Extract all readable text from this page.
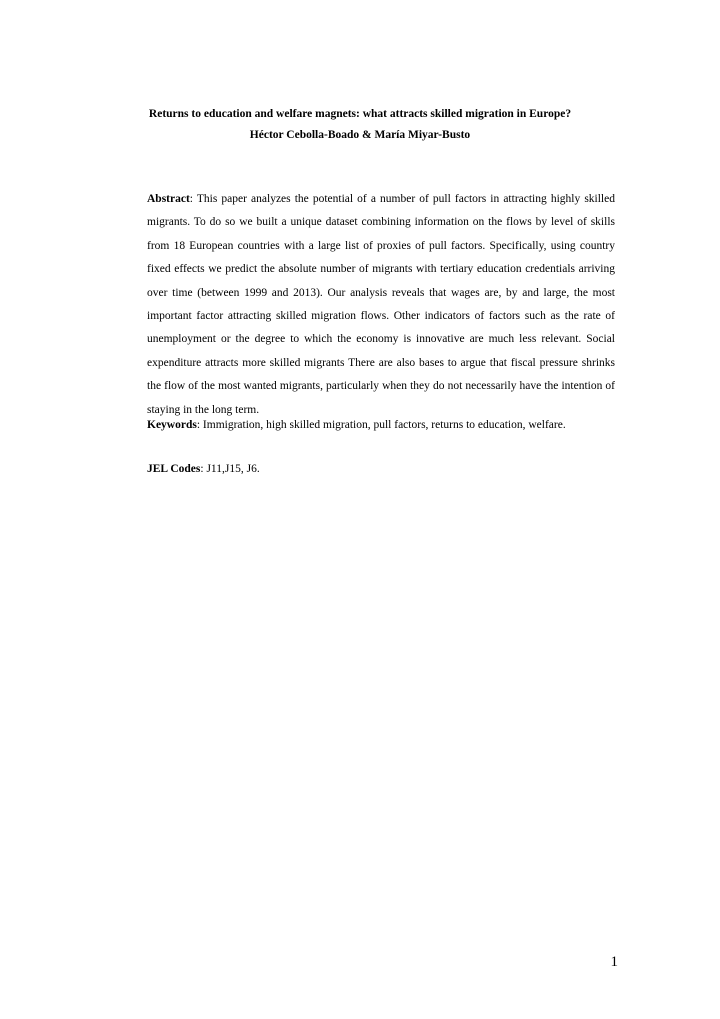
Returns to education and welfare magnets: what attracts skilled migration in Europe?
Héctor Cebolla-Boado & María Miyar-Busto

Abstract: This paper analyzes the potential of a number of pull factors in attracting highly skilled migrants. To do so we built a unique dataset combining information on the flows by level of skills from 18 European countries with a large list of proxies of pull factors. Specifically, using country fixed effects we predict the absolute number of migrants with tertiary education credentials arriving over time (between 1999 and 2013). Our analysis reveals that wages are, by and large, the most important factor attracting skilled migration flows. Other indicators of factors such as the rate of unemployment or the degree to which the economy is innovative are much less relevant. Social expenditure attracts more skilled migrants There are also bases to argue that fiscal pressure shrinks the flow of the most wanted migrants, particularly when they do not necessarily have the intention of staying in the long term.

Keywords: Immigration, high skilled migration, pull factors, returns to education, welfare.

JEL Codes: J11,J15, J6.

1
